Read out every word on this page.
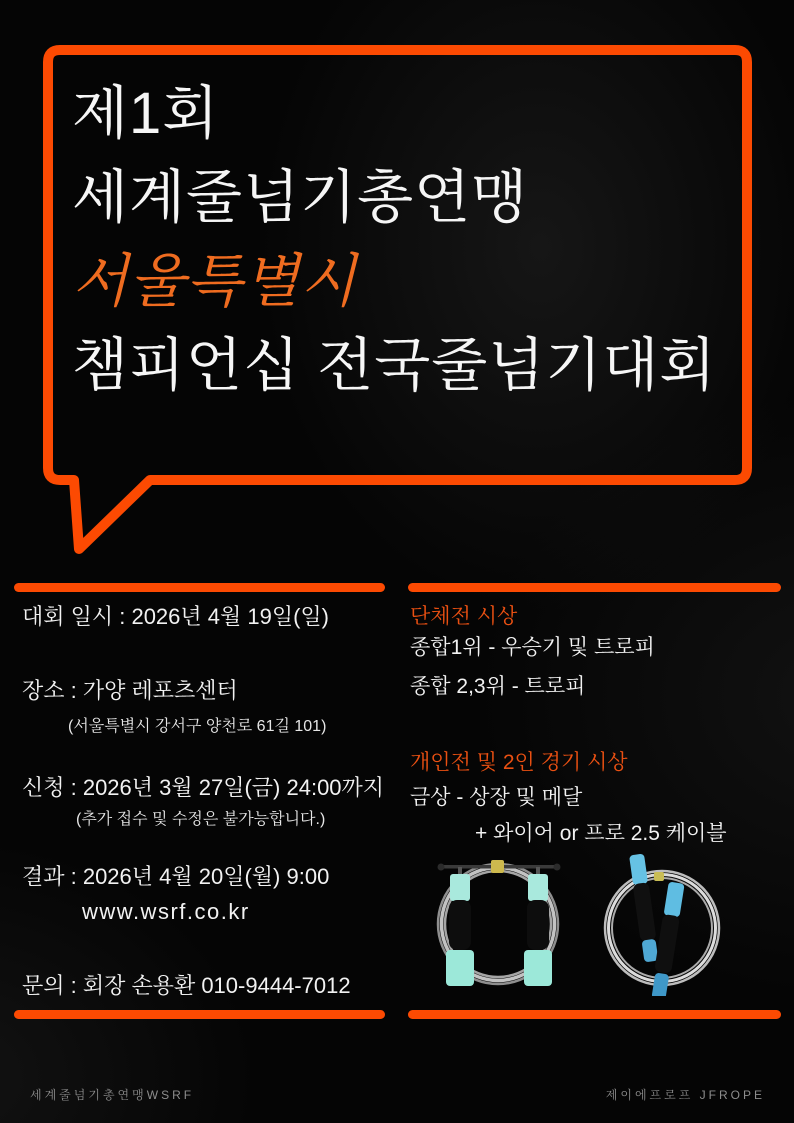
제1회
세계줄넘기총연맹
서울특별시
챔피언십 전국줄넘기대회
대회 일시 : 2026년 4월 19일(일)
장소 : 가양 레포츠센터
(서울특별시 강서구 양천로 61길 101)
신청 : 2026년 3월 27일(금) 24:00까지
(추가 접수 및 수정은 불가능합니다.)
결과 : 2026년 4월 20일(월) 9:00
www.wsrf.co.kr
문의 : 회장 손용환 010-9444-7012
단체전 시상
종합1위 - 우승기 및 트로피
종합 2,3위 - 트로피
개인전 및 2인 경기 시상
금상 - 상장 및 메달
+ 와이어 or 프로 2.5 케이블
세계줄넘기총연맹WSRF	제이에프로프 JFROPE
